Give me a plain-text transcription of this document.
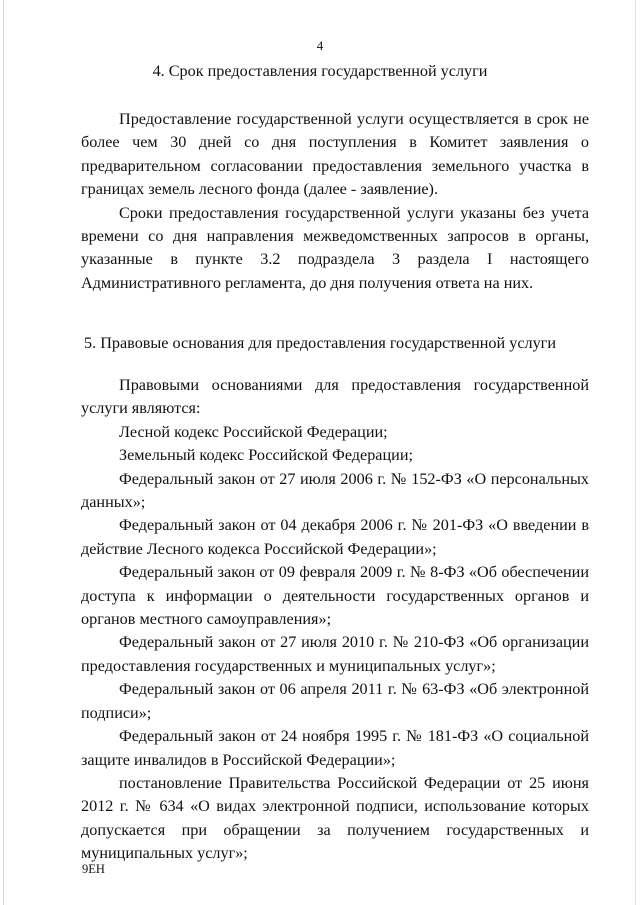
4
4. Срок предоставления государственной услуги

Предоставление государственной услуги осуществляется в срок не более чем 30 дней со дня поступления в Комитет заявления о предварительном согласовании предоставления земельного участка в границах земель лесного фонда (далее - заявление).

Сроки предоставления государственной услуги указаны без учета времени со дня направления межведомственных запросов в органы, указанные в пункте 3.2 подраздела 3 раздела I настоящего Административного регламента, до дня получения ответа на них.

5. Правовые основания для предоставления государственной услуги

Правовыми основаниями для предоставления государственной услуги являются:

Лесной кодекс Российской Федерации;

Земельный кодекс Российской Федерации;

Федеральный закон от 27 июля 2006 г. № 152-ФЗ «О персональных данных»;

Федеральный закон от 04 декабря 2006 г. № 201-ФЗ «О введении в действие Лесного кодекса Российской Федерации»;

Федеральный закон от 09 февраля 2009 г. № 8-ФЗ «Об обеспечении доступа к информации о деятельности государственных органов и органов местного самоуправления»;

Федеральный закон от 27 июля 2010 г. № 210-ФЗ «Об организации предоставления государственных и муниципальных услуг»;

Федеральный закон от 06 апреля 2011 г. № 63-ФЗ «Об электронной подписи»;

Федеральный закон от 24 ноября 1995 г. № 181-ФЗ «О социальной защите инвалидов в Российской Федерации»;

постановление Правительства Российской Федерации от 25 июня 2012 г. № 634 «О видах электронной подписи, использование которых допускается при обращении за получением государственных и муниципальных услуг»;

9ЕН
